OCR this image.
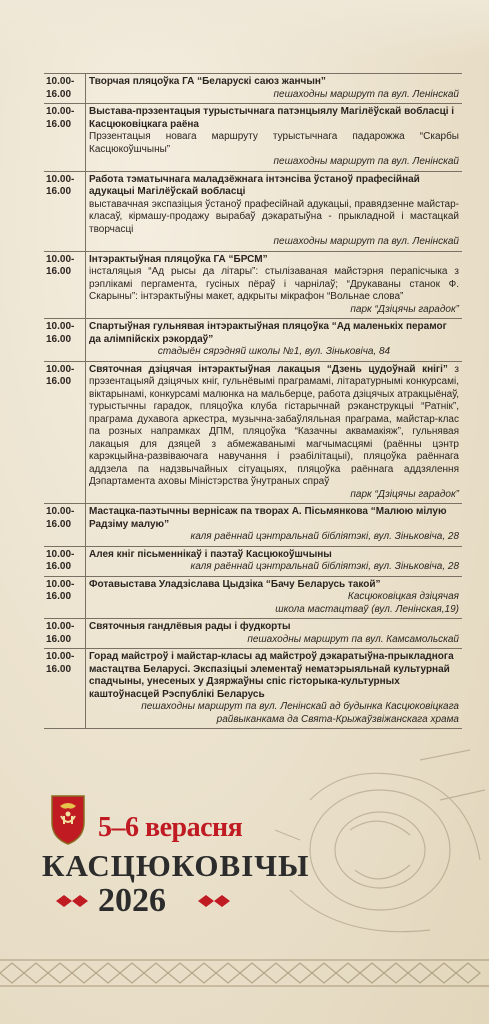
10.00-
16.00	Творчая пляцоўка ГА “Беларускі саюз жанчын”
пешаходны маршрут па вул. Ленінскай

10.00-
16.00	Выстава-прэзентацыя турыстычнага патэнцыялу Магілёўскай вобласці і Касцюковіцкага раёна
Прэзентацыя новага маршруту турыстычнага падарожжа “Скарбы Касцюкоўшчыны”
пешаходны маршрут па вул. Ленінскай

10.00-
16.00	Работа тэматычнага маладзёжнага інтэнсіва ўстаноў прафесійнай адукацыі Магілёўскай вобласці
выставачная экспазіцыя ўстаноў прафесійнай адукацыі, правядзенне майстар-класаў, кірмашу-продажу вырабаў дэкаратыўна - прыкладной і мастацкай творчасці
пешаходны маршрут па вул. Ленінскай

10.00-
16.00	Інтэрактыўная пляцоўка ГА “БРСМ”
інсталяцыя “Ад рысы да літары”: стылізаваная майстэрня перапісчыка з рэплікамі пергамента, гусіных пёраў і чарнілаў; “Друкаваны станок Ф. Скарыны”: інтэрактыўны макет, адкрыты мікрафон “Вольнае слова”
парк “Дзіцячы гарадок”

10.00-
16.00	Спартыўная гульнявая інтэрактыўная пляцоўка “Ад маленькіх перамог да алімпійскіх рэкордаў”
стадыён сярэдняй школы №1, вул. Зінькoвіча, 84

10.00-
16.00	Святочная дзіцячая інтэрактыўная лакацыя “Дзень цудоўнай кнігі” з прэзентацыяй дзіцячых кніг, гульнёвымі праграмамі, літаратурнымі конкурсамі, віктарынамі, конкурсамі малюнка на мальберце, работа дзіцячых атракцыёнаў, турыстычны гарадок, пляцоўка клуба гістарычнай рэканструкцыі “Ратнік”, праграма духавога аркестра, музычна-забаўляльная праграма, майстар-клас па розных напрамках ДПМ, пляцоўка “Казачны аквамакіяж”, гульнявая лакацыя для дзяцей з абмежаванымі магчымасцямі (раённы цэнтр карэкцыйна-развіваючага навучання і рэабілітацыі), пляцоўка раённага аддзела па надзвычайных сітуацыях, пляцоўка раённага аддзялення Дэпартамента аховы Міністэрства ўнутраных спраў
парк “Дзіцячы гарадок”

10.00-
16.00	Мастацка-паэтычны вернісаж па творах А. Пісьмянкова “Малюю мілую Радзіму малую”
каля раённай цэнтральнай бібліятэкі, вул. Зінькoвіча, 28

10.00-
16.00	Алея кніг пісьменнікаў і паэтаў Касцюкоўшчыны
каля раённай цэнтральнай бібліятэкі, вул. Зінькoвіча, 28

10.00-
16.00	Фотавыстава Уладзіслава Цыдзіка “Бачу Беларусь такой”
Касцюковіцкая дзіцячая
школа мастацтваў (вул. Ленінская,19)

10.00-
16.00	Святочныя гандлёвыя рады і фудкорты
пешаходны маршрут па вул. Камсамольскай

10.00-
16.00	Горад майстроў і майстар-класы ад майстроў дэкаратыўна-прыкладнога мастацтва Беларусі. Экспазіцыі элементаў нематэрыяльнай культурнай спадчыны, унесеных у Дзяржаўны спіс гісторыка-культурных каштоўнасцей Рэспублікі Беларусь
пешаходны маршрут па вул. Ленінскай ад будынка Касцюковіцкага райвыканкама да Свята-Крыжаўзвіжанскага храма
5–6 верасня
КАСЦЮКОВІЧЫ
2026
